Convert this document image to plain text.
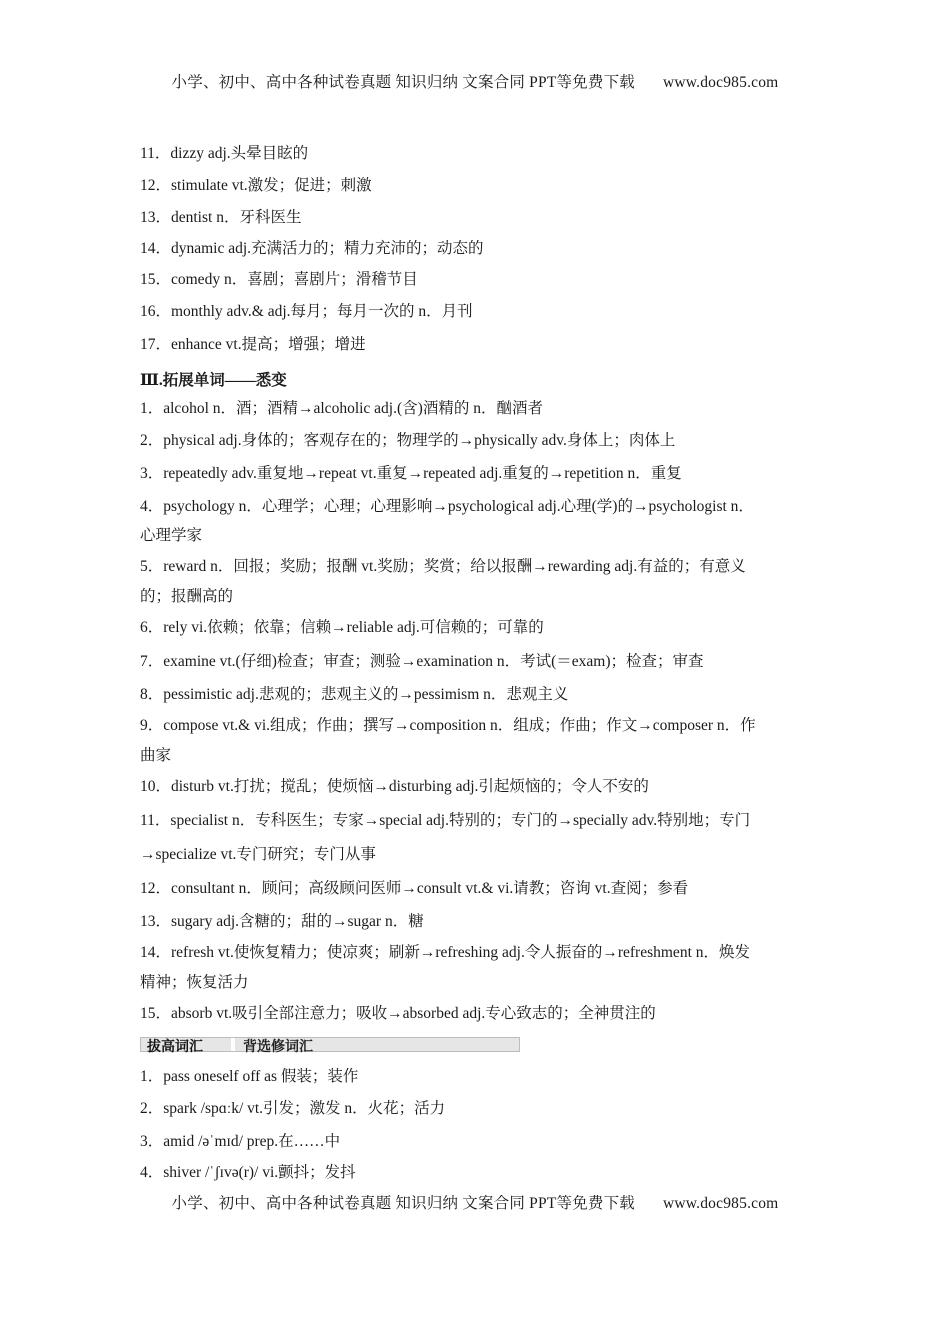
小学、初中、高中各种试卷真题 知识归纳 文案合同 PPT等免费下载 www.doc985.com
11．dizzy adj.头晕目眩的
12．stimulate vt.激发；促进；刺激
13．dentist n．牙科医生
14．dynamic adj.充满活力的；精力充沛的；动态的
15．comedy n．喜剧；喜剧片；滑稽节目
16．monthly adv.& adj.每月；每月一次的 n．月刊
17．enhance vt.提高；增强；增进
Ⅲ.拓展单词——悉变
1．alcohol n．酒；酒精→alcoholic adj.(含)酒精的 n．酗酒者
2．physical adj.身体的；客观存在的；物理学的→physically adv.身体上；肉体上
3．repeatedly adv.重复地→repeat vt.重复→repeated adj.重复的→repetition n．重复
4．psychology n．心理学；心理；心理影响→psychological adj.心理(学)的→psychologist n．
心理学家
5．reward n．回报；奖励；报酬 vt.奖励；奖赏；给以报酬→rewarding adj.有益的；有意义
的；报酬高的
6．rely vi.依赖；依靠；信赖→reliable adj.可信赖的；可靠的
7．examine vt.(仔细)检查；审查；测验→examination n．考试(＝exam)；检查；审查
8．pessimistic adj.悲观的；悲观主义的→pessimism n．悲观主义
9．compose vt.& vi.组成；作曲；撰写→composition n．组成；作曲；作文→composer n．作
曲家
10．disturb vt.打扰；搅乱；使烦恼→disturbing adj.引起烦恼的；令人不安的
11．specialist n．专科医生；专家→special adj.特别的；专门的→specially adv.特别地；专门
→specialize vt.专门研究；专门从事
12．consultant n．顾问；高级顾问医师→consult vt.& vi.请教；咨询 vt.查阅；参看
13．sugary adj.含糖的；甜的→sugar n．糖
14．refresh vt.使恢复精力；使凉爽；刷新→refreshing adj.令人振奋的→refreshment n．焕发
精神；恢复活力
15．absorb vt.吸引全部注意力；吸收→absorbed adj.专心致志的；全神贯注的
拔高词汇	背选修词汇
1．pass oneself off as 假装；装作
2．spark /spɑːk/ vt.引发；激发 n．火花；活力
3．amid /əˈmɪd/ prep.在……中
4．shiver /ˈʃɪvə(r)/ vi.颤抖；发抖
小学、初中、高中各种试卷真题 知识归纳 文案合同 PPT等免费下载 www.doc985.com
